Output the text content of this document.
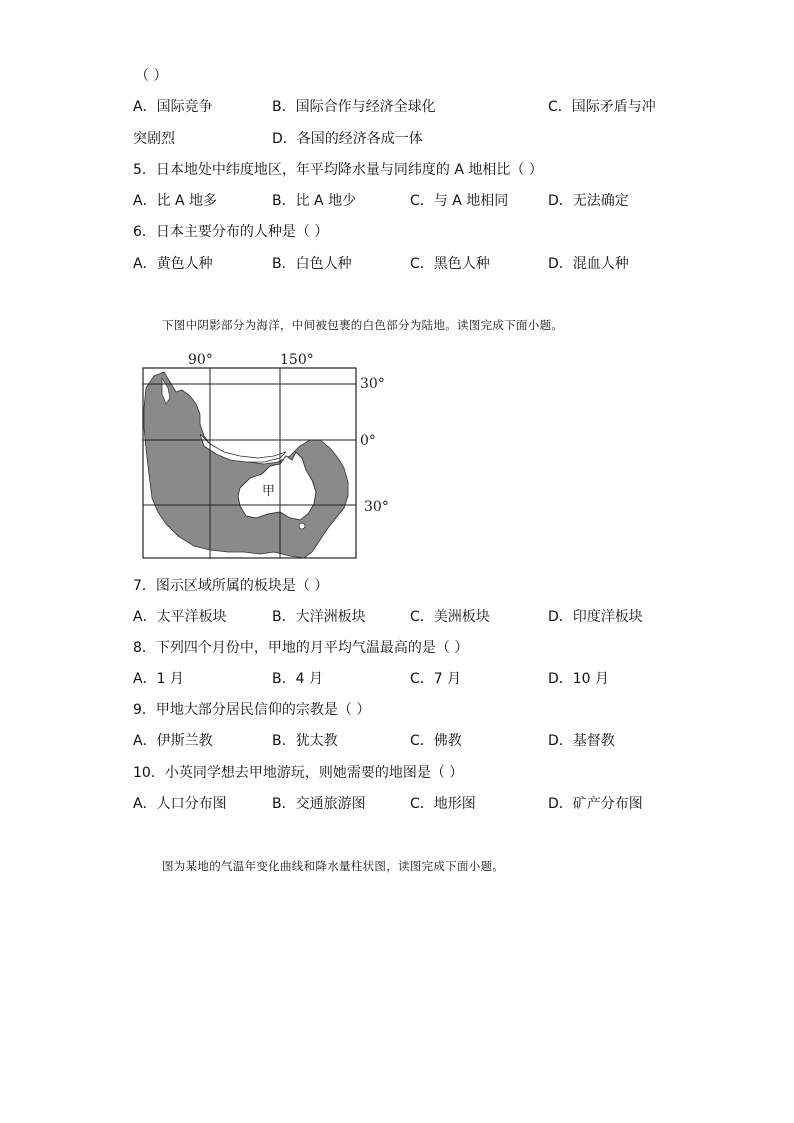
（ ）
A．国际竞争	B．国际合作与经济全球化	C．国际矛盾与冲
突剧烈	D．各国的经济各成一体
5．日本地处中纬度地区，年平均降水量与同纬度的 A 地相比（ ）
A．比 A 地多	B．比 A 地少	C．与 A 地相同	D．无法确定
6．日本主要分布的人种是（ ）
A．黄色人种	B．白色人种	C．黑色人种	D．混血人种
下图中阴影部分为海洋，中间被包裹的白色部分为陆地。读图完成下面小题。
90°	150°
30°
0°
30°
甲
7．图示区域所属的板块是（ ）
A．太平洋板块	B．大洋洲板块	C．美洲板块	D．印度洋板块
8．下列四个月份中，甲地的月平均气温最高的是（ ）
A．1 月	B．4 月	C．7 月	D．10 月
9．甲地大部分居民信仰的宗教是（ ）
A．伊斯兰教	B．犹太教	C．佛教	D．基督教
10．小英同学想去甲地游玩，则她需要的地图是（ ）
A．人口分布图	B．交通旅游图	C．地形图	D．矿产分布图
图为某地的气温年变化曲线和降水量柱状图，读图完成下面小题。
